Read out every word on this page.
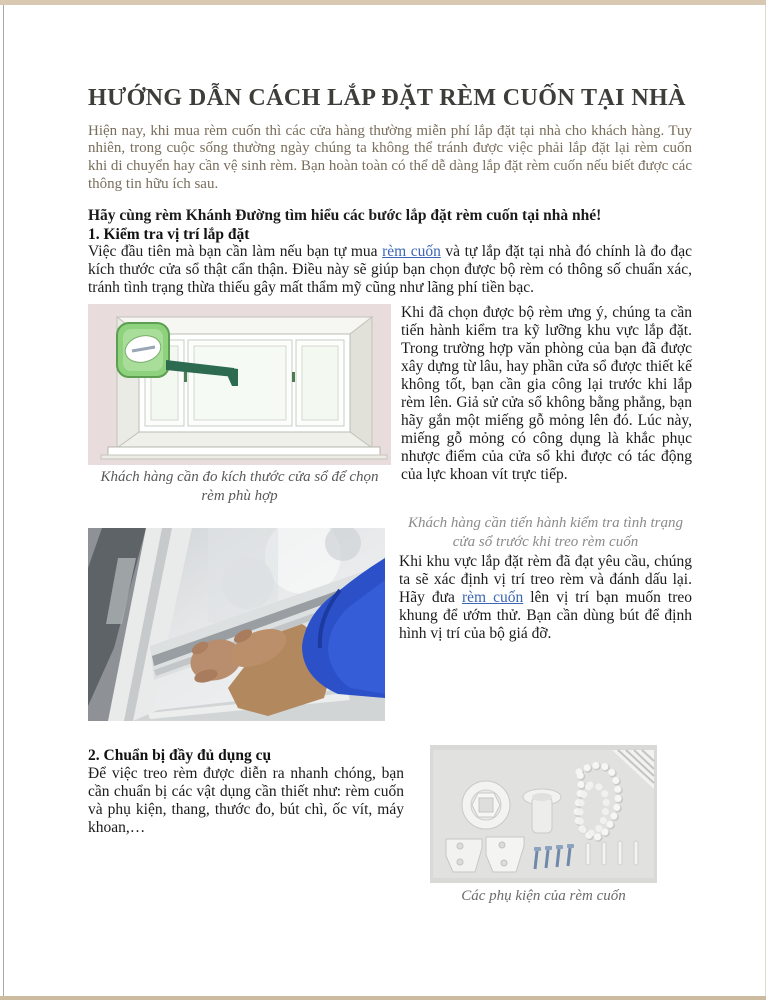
HƯỚNG DẪN CÁCH LẮP ĐẶT RÈM CUỐN TẠI NHÀ

Hiện nay, khi mua rèm cuốn thì các cửa hàng thường miễn phí lắp đặt tại nhà cho khách hàng. Tuy nhiên, trong cuộc sống thường ngày chúng ta không thể tránh được việc phải lắp đặt lại rèm cuốn khi di chuyển hay cần vệ sinh rèm. Bạn hoàn toàn có thể dễ dàng lắp đặt rèm cuốn nếu biết được các thông tin hữu ích sau.

Hãy cùng rèm Khánh Đường tìm hiểu các bước lắp đặt rèm cuốn tại nhà nhé!

1. Kiểm tra vị trí lắp đặt

Việc đầu tiên mà bạn cần làm nếu bạn tự mua rèm cuốn và tự lắp đặt tại nhà đó chính là đo đạc kích thước cửa sổ thật cẩn thận. Điều này sẽ giúp bạn chọn được bộ rèm có thông số chuẩn xác, tránh tình trạng thừa thiếu gây mất thẩm mỹ cũng như lãng phí tiền bạc.

Khách hàng cần đo kích thước cửa sổ để chọn rèm phù hợp

Khi đã chọn được bộ rèm ưng ý, chúng ta cần tiến hành kiểm tra kỹ lưỡng khu vực lắp đặt. Trong trường hợp văn phòng của bạn đã được xây dựng từ lâu, hay phần cửa sổ được thiết kế không tốt, bạn cần gia công lại trước khi lắp rèm lên. Giả sử cửa sổ không bằng phẳng, bạn hãy gắn một miếng gỗ mỏng lên đó. Lúc này, miếng gỗ mỏng có công dụng là khắc phục nhược điểm của cửa sổ khi được có tác động của lực khoan vít trực tiếp.

Khách hàng cần tiến hành kiểm tra tình trạng cửa sổ trước khi treo rèm cuốn

Khi khu vực lắp đặt rèm đã đạt yêu cầu, chúng ta sẽ xác định vị trí treo rèm và đánh dấu lại. Hãy đưa rèm cuốn lên vị trí bạn muốn treo khung để ướm thử. Bạn cần dùng bút để định hình vị trí của bộ giá đỡ.

2. Chuẩn bị đầy đủ dụng cụ

Để việc treo rèm được diễn ra nhanh chóng, bạn cần chuẩn bị các vật dụng cần thiết như: rèm cuốn và phụ kiện, thang, thước đo, bút chì, ốc vít, máy khoan,…

Các phụ kiện của rèm cuốn
